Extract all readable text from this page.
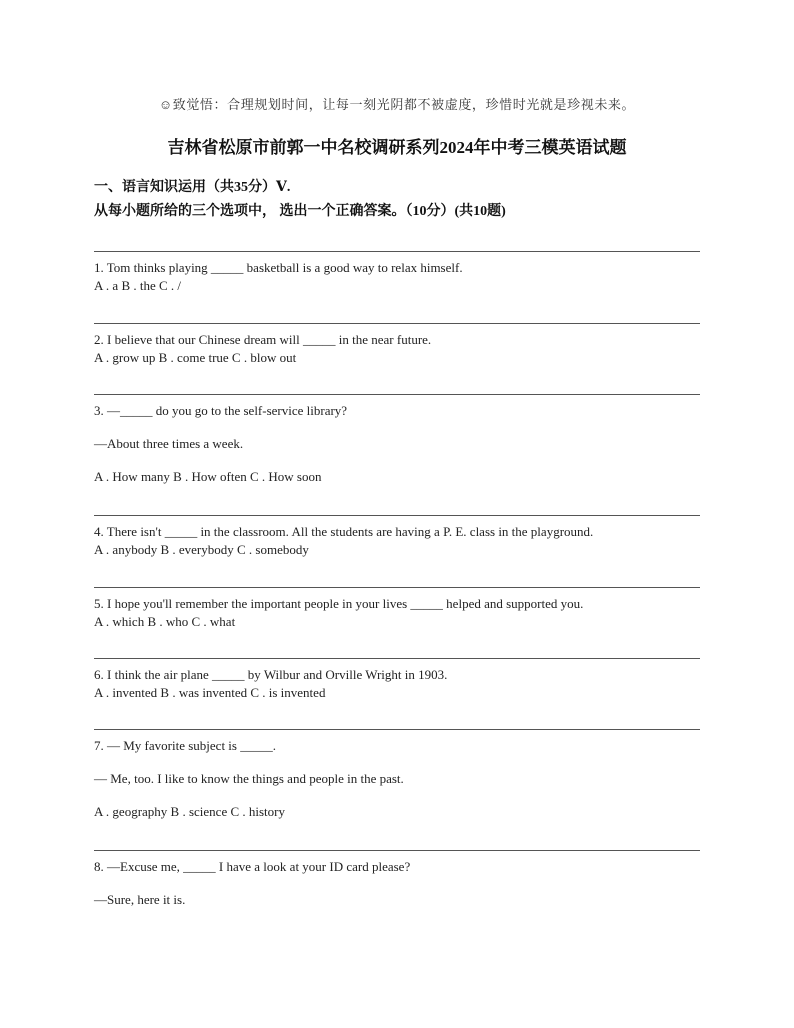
☺致觉悟：合理规划时间，让每一刻光阴都不被虚度，珍惜时光就是珍视未来。
吉林省松原市前郭一中名校调研系列2024年中考三模英语试题
一、语言知识运用（共35分）Ⅴ.
从每小题所给的三个选项中， 选出一个正确答案。（10分）(共10题)
1. Tom thinks playing _____ basketball is a good way to relax himself.
A . a B . the C . /
2. I believe that our Chinese dream will _____ in the near future.
A . grow up B . come true C . blow out
3. —_____ do you go to the self-service library?
—About three times a week.
A . How many B . How often C . How soon
4. There isn't _____ in the classroom. All the students are having a P. E. class in the playground.
A . anybody B . everybody C . somebody
5. I hope you'll remember the important people in your lives _____ helped and supported you.
A . which B . who C . what
6. I think the air plane _____ by Wilbur and Orville Wright in 1903.
A . invented B . was invented C . is invented
7. — My favorite subject is _____.
— Me, too. I like to know the things and people in the past.
A . geography B . science C . history
8. —Excuse me, _____ I have a look at your ID card please?
—Sure, here it is.
